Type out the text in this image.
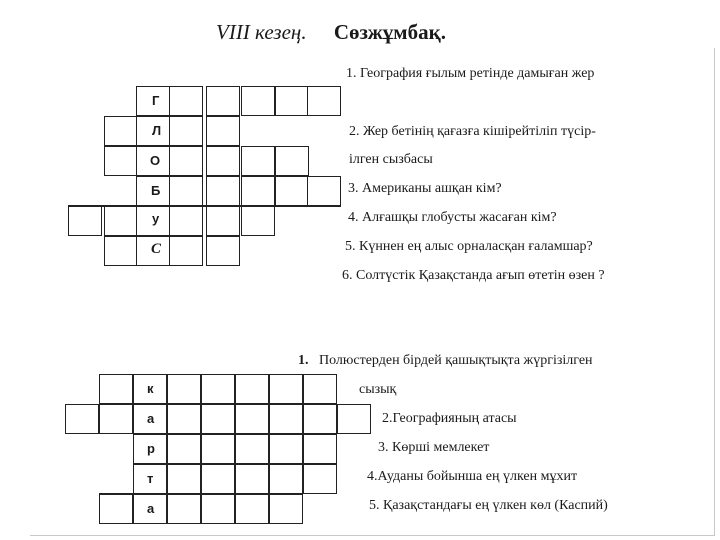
VIII кезең. Сөзжұмбақ.
Г
Л
О
Б
у
С
1. География ғылым ретінде дамыған жер
2. Жер бетінің қағазға кішірейтіліп түсір-
ілген сызбасы
3. Американы ашқан кім?
4. Алғашқы глобусты жасаған кім?
5. Күннен ең алыс орналасқан ғаламшар?
6. Солтүстік Қазақстанда ағып өтетін өзен ?
к
а
р
т
а
1. Полюстерден бірдей қашықтықта жүргізілген
сызық
2.Географияның атасы
3. Көрші мемлекет
4.Ауданы бойынша ең үлкен мұхит
5. Қазақстандағы ең үлкен көл (Каспий)
